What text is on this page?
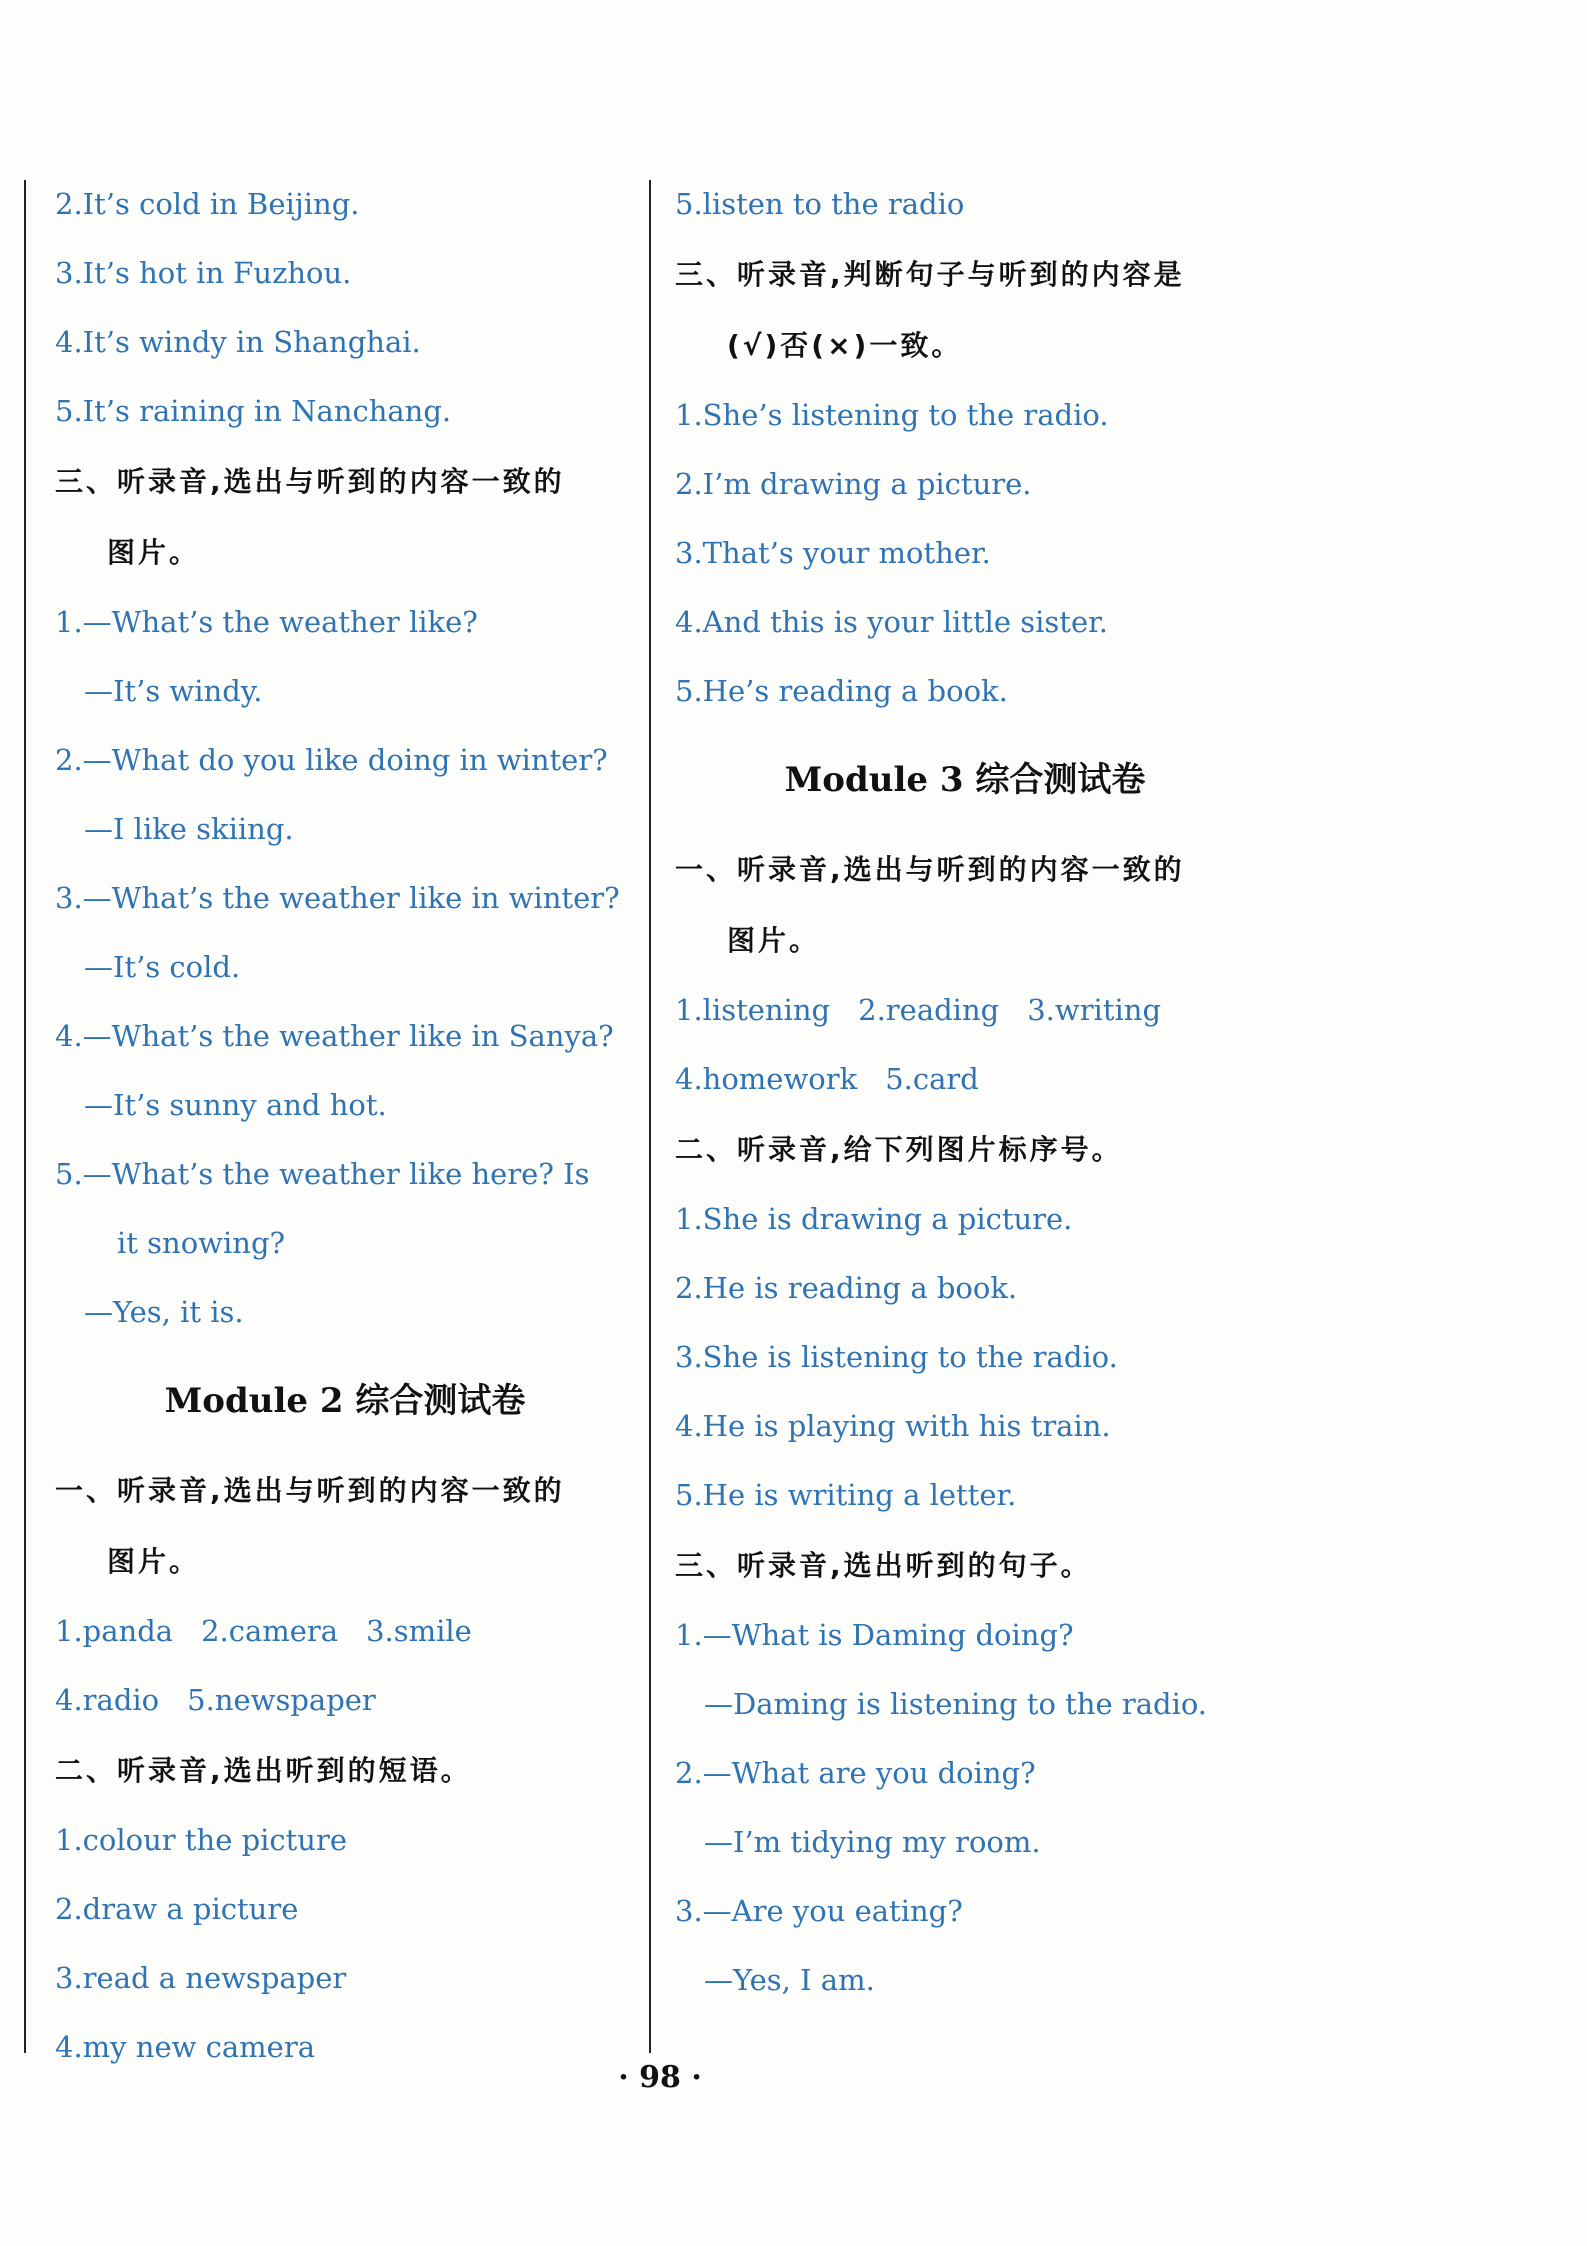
2.It’s cold in Beijing.
3.It’s hot in Fuzhou.
4.It’s windy in Shanghai.
5.It’s raining in Nanchang.
三、听录音,选出与听到的内容一致的
图片。
1.—What’s the weather like?
—It’s windy.
2.—What do you like doing in winter?
—I like skiing.
3.—What’s the weather like in winter?
—It’s cold.
4.—What’s the weather like in Sanya?
—It’s sunny and hot.
5.—What’s the weather like here? Is
it snowing?
—Yes, it is.
Module 2 综合测试卷
一、听录音,选出与听到的内容一致的
图片。
1.panda 2.camera 3.smile
4.radio 5.newspaper
二、听录音,选出听到的短语。
1.colour the picture
2.draw a picture
3.read a newspaper
4.my new camera
5.listen to the radio
三、听录音,判断句子与听到的内容是
(√)否(×)一致。
1.She’s listening to the radio.
2.I’m drawing a picture.
3.That’s your mother.
4.And this is your little sister.
5.He’s reading a book.
Module 3 综合测试卷
一、听录音,选出与听到的内容一致的
图片。
1.listening 2.reading 3.writing
4.homework 5.card
二、听录音,给下列图片标序号。
1.She is drawing a picture.
2.He is reading a book.
3.She is listening to the radio.
4.He is playing with his train.
5.He is writing a letter.
三、听录音,选出听到的句子。
1.—What is Daming doing?
—Daming is listening to the radio.
2.—What are you doing?
—I’m tidying my room.
3.—Are you eating?
—Yes, I am.
· 98 ·
